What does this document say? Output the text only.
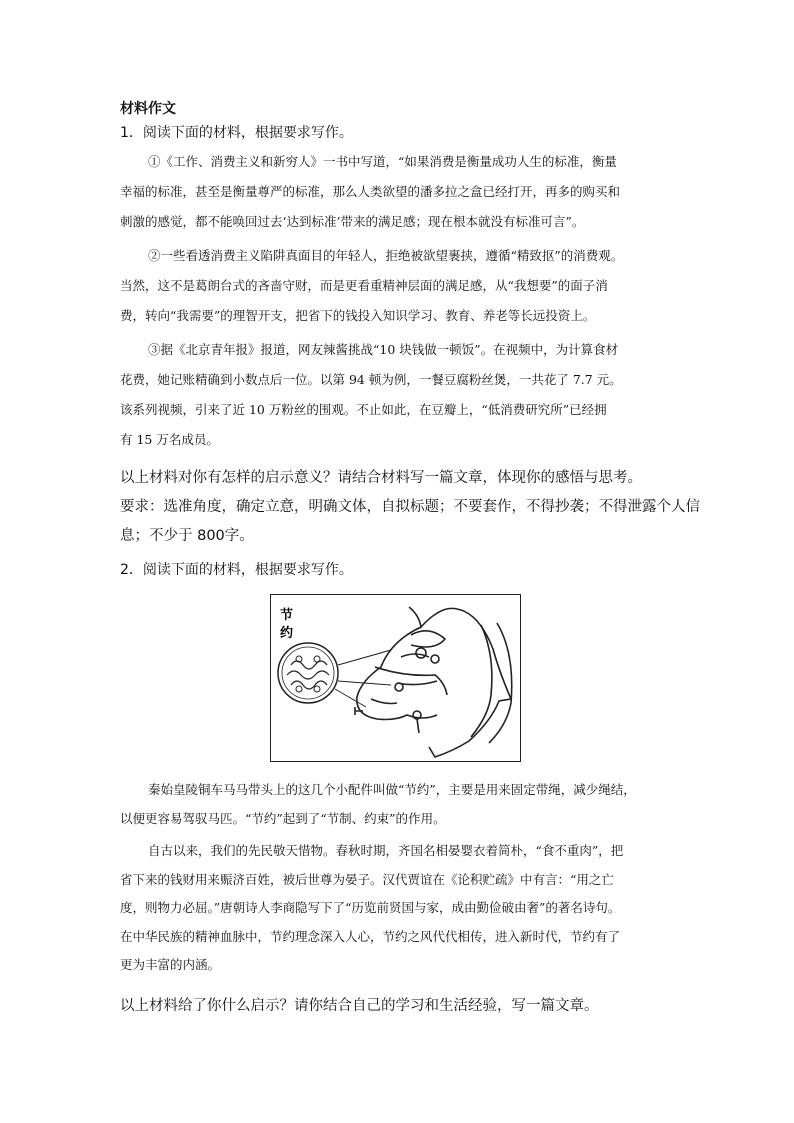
材料作文
1．阅读下面的材料，根据要求写作。
①《工作、消费主义和新穷人》一书中写道，“如果消费是衡量成功人生的标准，衡量
幸福的标准，甚至是衡量尊严的标准，那么人类欲望的潘多拉之盒已经打开，再多的购买和
刺激的感觉，都不能唤回过去‘达到标准’带来的满足感；现在根本就没有标准可言”。
②一些看透消费主义陷阱真面目的年轻人，拒绝被欲望裹挟，遵循“精致抠”的消费观。
当然，这不是葛朗台式的吝啬守财，而是更看重精神层面的满足感，从“我想要”的面子消
费，转向“我需要”的理智开支，把省下的钱投入知识学习、教育、养老等长远投资上。
③据《北京青年报》报道，网友辣酱挑战“10 块钱做一顿饭”。在视频中，为计算食材
花费，她记账精确到小数点后一位。以第 94 顿为例，一餐豆腐粉丝煲，一共花了 7.7 元。
该系列视频，引来了近 10 万粉丝的围观。不止如此，在豆瓣上，“低消费研究所”已经拥
有 15 万名成员。
以上材料对你有怎样的启示意义？请结合材料写一篇文章，体现你的感悟与思考。
要求：选准角度，确定立意，明确文体，自拟标题；不要套作，不得抄袭；不得泄露个人信
息；不少于 800字。
2．阅读下面的材料，根据要求写作。
节
约
秦始皇陵铜车马马带头上的这几个小配件叫做“节约”，主要是用来固定带绳，减少绳结，
以便更容易驾驭马匹。“节约”起到了“节制、约束”的作用。
自古以来，我们的先民敬天惜物。春秋时期，齐国名相晏婴衣着简朴，“食不重肉”，把
省下来的钱财用来赈济百姓，被后世尊为晏子。汉代贾谊在《论积贮疏》中有言：“用之亡
度，则物力必屈。”唐朝诗人李商隐写下了“历览前贤国与家，成由勤俭破由奢”的著名诗句。
在中华民族的精神血脉中，节约理念深入人心，节约之风代代相传，进入新时代，节约有了
更为丰富的内涵。
以上材料给了你什么启示？请你结合自己的学习和生活经验，写一篇文章。
